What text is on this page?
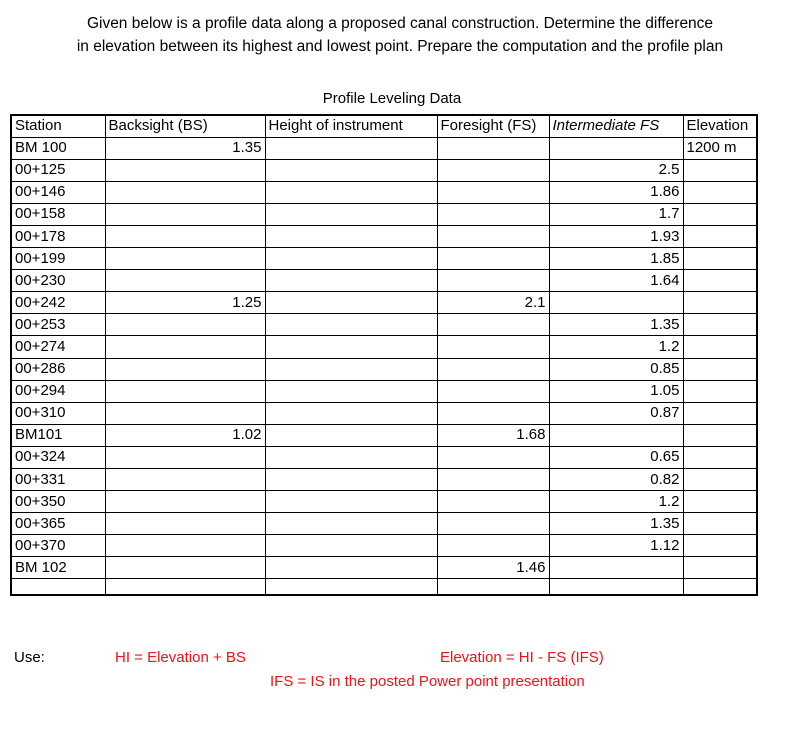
Given below is a profile data along a proposed canal construction. Determine the difference
in elevation between its highest and lowest point. Prepare the computation and the profile plan
Profile Leveling Data
Station	Backsight (BS)	Height of instrument	Foresight (FS)	Intermediate FS	Elevation
BM 100	1.35				1200 m
00+125				2.5	
00+146				1.86	
00+158				1.7	
00+178				1.93	
00+199				1.85	
00+230				1.64	
00+242	1.25		2.1		
00+253				1.35	
00+274				1.2	
00+286				0.85	
00+294				1.05	
00+310				0.87	
BM101	1.02		1.68		
00+324				0.65	
00+331				0.82	
00+350				1.2	
00+365				1.35	
00+370				1.12	
BM 102			1.46		

Use:	HI = Elevation + BS	Elevation = HI - FS (IFS)
IFS = IS in the posted Power point presentation
